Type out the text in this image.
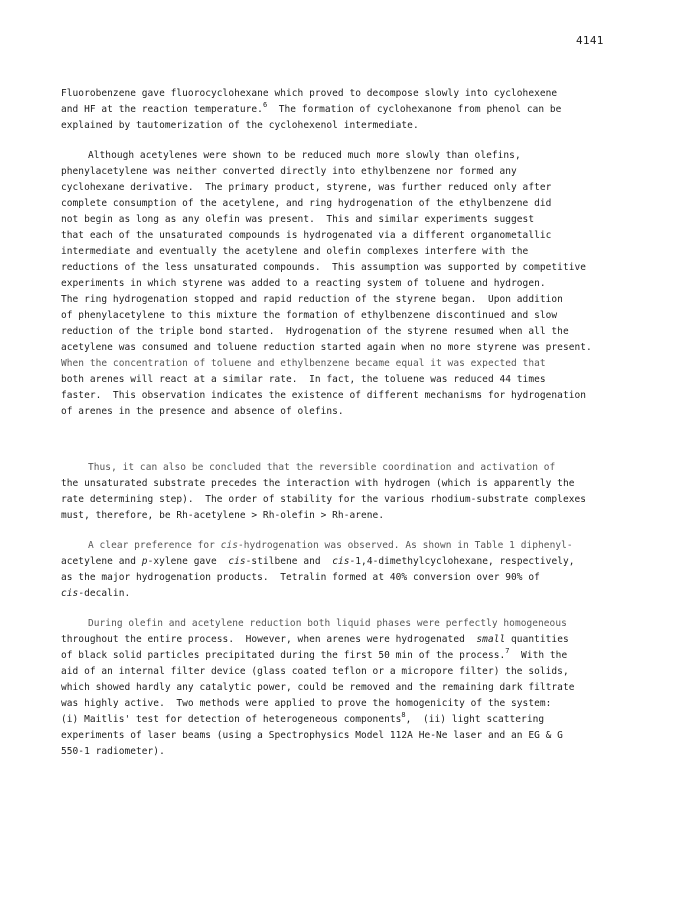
4141
Fluorobenzene gave fluorocyclohexane which proved to decompose slowly into cyclohexene
and HF at the reaction temperature.$^6$  The formation of cyclohexanone from phenol can be
explained by tautomerization of the cyclohexenol intermediate.
Although acetylenes were shown to be reduced much more slowly than olefins,
phenylacetylene was neither converted directly into ethylbenzene nor formed any
cyclohexane derivative.  The primary product, styrene, was further reduced only after
complete consumption of the acetylene, and ring hydrogenation of the ethylbenzene did
not begin as long as any olefin was present.  This and similar experiments suggest
that each of the unsaturated compounds is hydrogenated via a different organometallic
intermediate and eventually the acetylene and olefin complexes interfere with the
reductions of the less unsaturated compounds.  This assumption was supported by competitive
experiments in which styrene was added to a reacting system of toluene and hydrogen.
The ring hydrogenation stopped and rapid reduction of the styrene began.  Upon addition
of phenylacetylene to this mixture the formation of ethylbenzene discontinued and slow
reduction of the triple bond started.  Hydrogenation of the styrene resumed when all the
acetylene was consumed and toluene reduction started again when no more styrene was present.
When the concentration of toluene and ethylbenzene became equal it was expected that
both arenes will react at a similar rate.  In fact, the toluene was reduced 44 times
faster.  This observation indicates the existence of different mechanisms for hydrogenation
of arenes in the presence and absence of olefins.
Thus, it can also be concluded that the reversible coordination and activation of
the unsaturated substrate precedes the interaction with hydrogen (which is apparently the
rate determining step).  The order of stability for the various rhodium-substrate complexes
must, therefore, be Rh-acetylene > Rh-olefin > Rh-arene.
A clear preference for cis-hydrogenation was observed. As shown in Table 1 diphenyl-
acetylene and p-xylene gave  cis-stilbene and  cis-1,4-dimethylcyclohexane, respectively,
as the major hydrogenation products.  Tetralin formed at 40% conversion over 90% of
cis-decalin.
During olefin and acetylene reduction both liquid phases were perfectly homogeneous
throughout the entire process.  However, when arenes were hydrogenated  small quantities
of black solid particles precipitated during the first 50 min of the process.$^7$  With the
aid of an internal filter device (glass coated teflon or a micropore filter) the solids,
which showed hardly any catalytic power, could be removed and the remaining dark filtrate
was highly active.  Two methods were applied to prove the homogenicity of the system:
(i) Maitlis' test for detection of heterogeneous components$^8$,  (ii) light scattering
experiments of laser beams (using a Spectrophysics Model 112A He-Ne laser and an EG & G
550-1 radiometer).
